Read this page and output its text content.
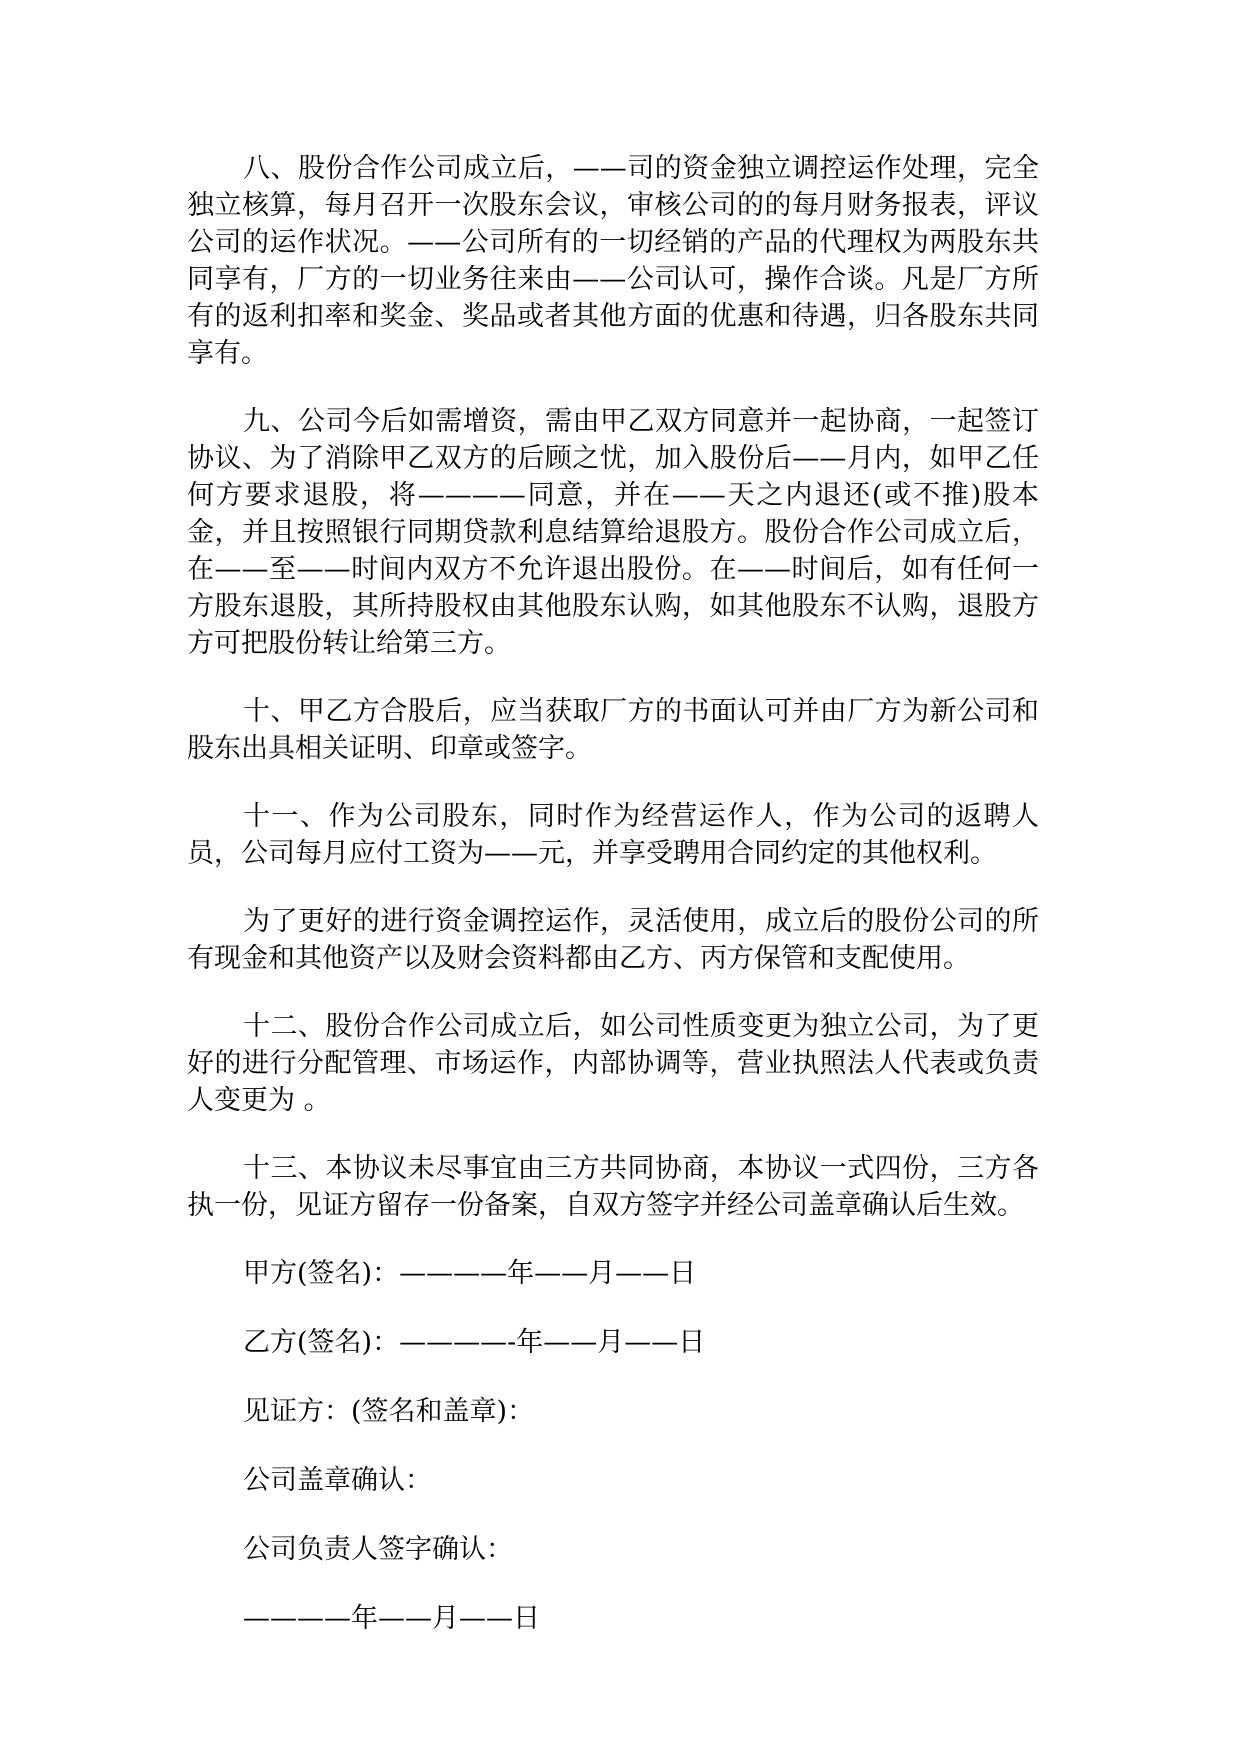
八、股份合作公司成立后，——司的资金独立调控运作处理，完全独立核算，每月召开一次股东会议，审核公司的的每月财务报表，评议公司的运作状况。——公司所有的一切经销的产品的代理权为两股东共同享有，厂方的一切业务往来由——公司认可，操作合谈。凡是厂方所有的返利扣率和奖金、奖品或者其他方面的优惠和待遇，归各股东共同享有。

九、公司今后如需增资，需由甲乙双方同意并一起协商，一起签订协议、为了消除甲乙双方的后顾之忧，加入股份后——月内，如甲乙任何方要求退股，将————同意，并在——天之内退还(或不推)股本金，并且按照银行同期贷款利息结算给退股方。股份合作公司成立后，在——至——时间内双方不允许退出股份。在——时间后，如有任何一方股东退股，其所持股权由其他股东认购，如其他股东不认购，退股方方可把股份转让给第三方。

十、甲乙方合股后，应当获取厂方的书面认可并由厂方为新公司和股东出具相关证明、印章或签字。

十一、作为公司股东，同时作为经营运作人，作为公司的返聘人员，公司每月应付工资为——元，并享受聘用合同约定的其他权利。

为了更好的进行资金调控运作，灵活使用，成立后的股份公司的所有现金和其他资产以及财会资料都由乙方、丙方保管和支配使用。

十二、股份合作公司成立后，如公司性质变更为独立公司，为了更好的进行分配管理、市场运作，内部协调等，营业执照法人代表或负责人变更为 。

十三、本协议未尽事宜由三方共同协商，本协议一式四份，三方各执一份，见证方留存一份备案，自双方签字并经公司盖章确认后生效。

甲方(签名)：————年——月——日

乙方(签名)：————-年——月——日

见证方：(签名和盖章)：

公司盖章确认：

公司负责人签字确认：

————年——月——日
